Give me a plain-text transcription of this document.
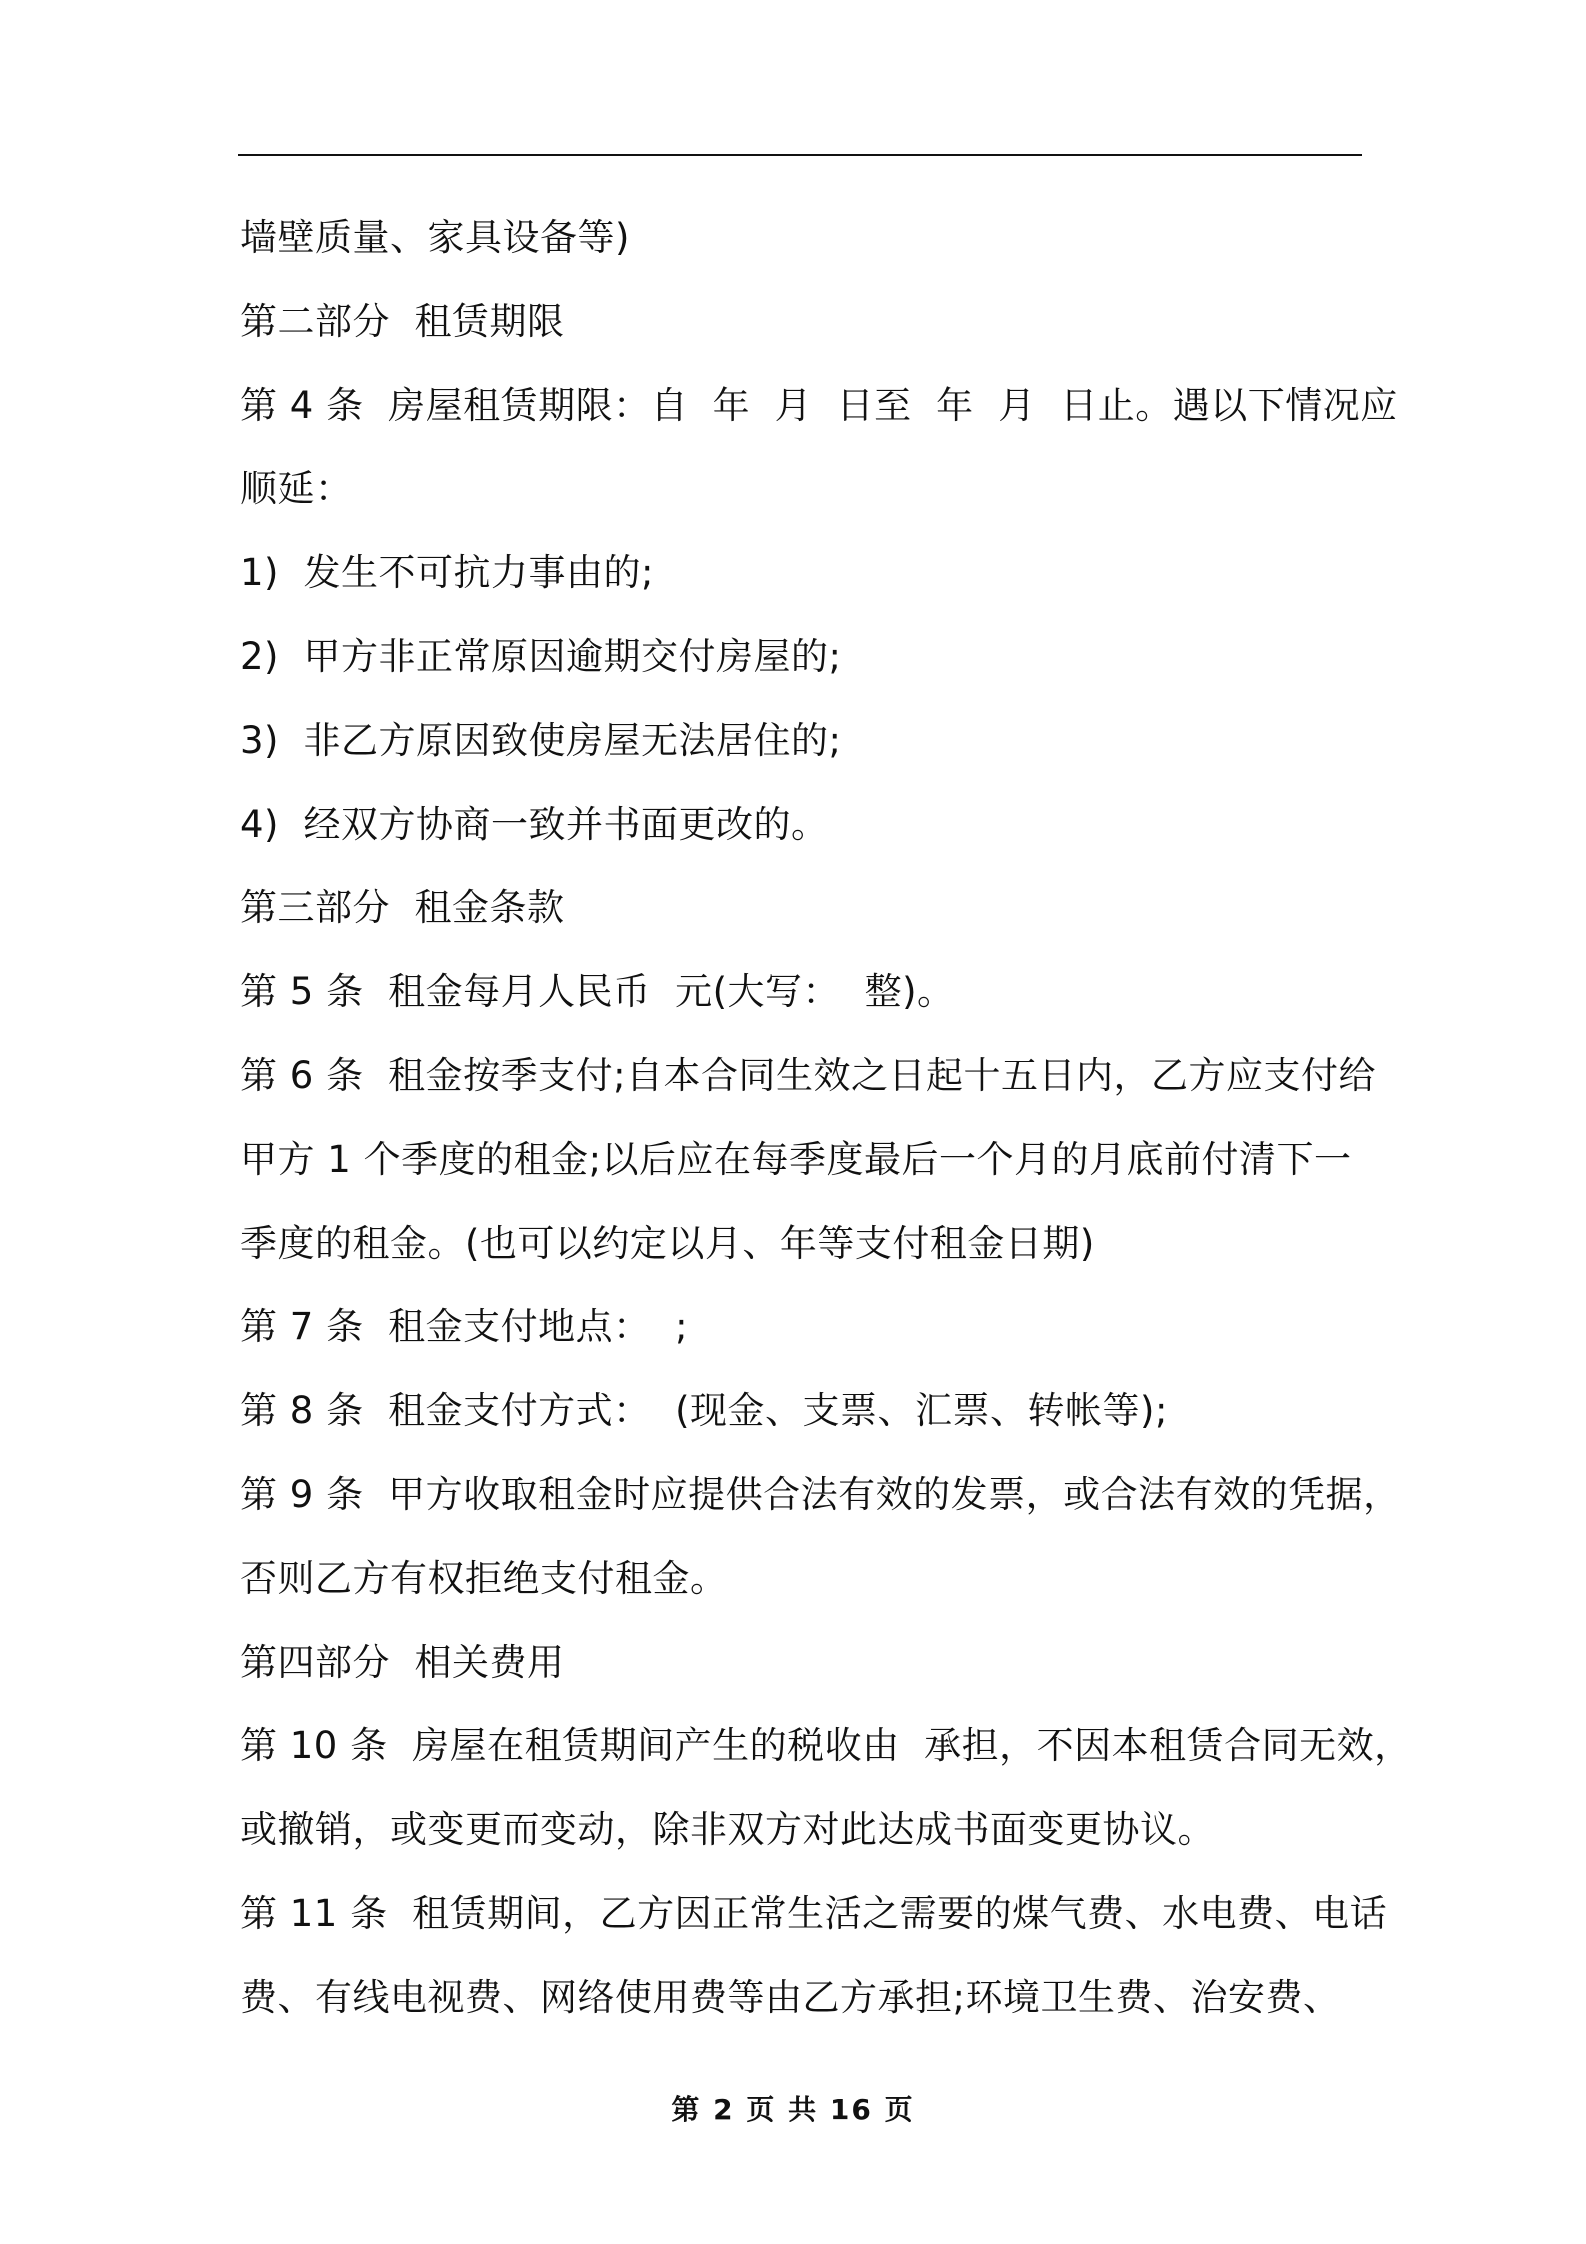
墙壁质量、家具设备等)
第二部分  租赁期限
第 4 条  房屋租赁期限：自  年  月  日至  年  月  日止。遇以下情况应
顺延：
1)  发生不可抗力事由的;
2)  甲方非正常原因逾期交付房屋的;
3)  非乙方原因致使房屋无法居住的;
4)  经双方协商一致并书面更改的。
第三部分  租金条款
第 5 条  租金每月人民币  元(大写：  整)。
第 6 条  租金按季支付;自本合同生效之日起十五日内，乙方应支付给
甲方 1 个季度的租金;以后应在每季度最后一个月的月底前付清下一
季度的租金。(也可以约定以月、年等支付租金日期)
第 7 条  租金支付地点：  ;
第 8 条  租金支付方式：  (现金、支票、汇票、转帐等);
第 9 条  甲方收取租金时应提供合法有效的发票，或合法有效的凭据，
否则乙方有权拒绝支付租金。
第四部分  相关费用
第 10 条  房屋在租赁期间产生的税收由  承担，不因本租赁合同无效，
或撤销，或变更而变动，除非双方对此达成书面变更协议。
第 11 条  租赁期间，乙方因正常生活之需要的煤气费、水电费、电话
费、有线电视费、网络使用费等由乙方承担;环境卫生费、治安费、
第 2 页 共 16 页
